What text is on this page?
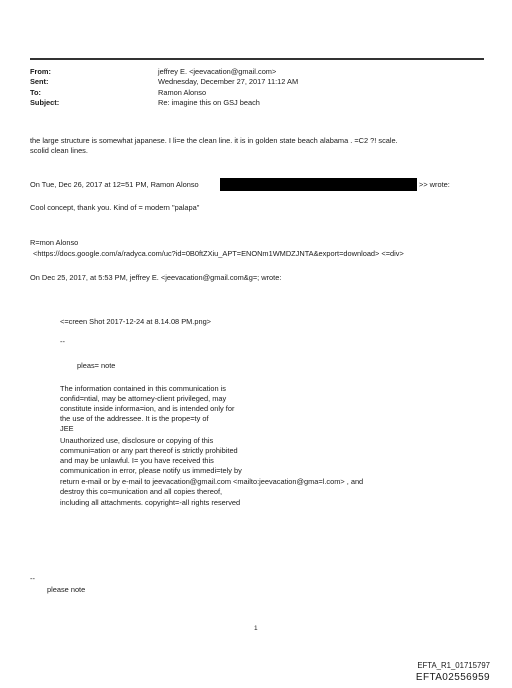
From:	jeffrey E. <jeevacation@gmail.com>
Sent:	Wednesday, December 27, 2017 11:12 AM
To:	Ramon Alonso
Subject:	Re: imagine this on GSJ beach
the large structure is somewhat japanese. I li=e the clean line. it is in golden state beach alabama . =C2 ?! scale.
scolid clean lines.
On Tue, Dec 26, 2017 at 12=51 PM, Ramon Alonso	>> wrote:
Cool concept, thank you. Kind of = modern "palapa"
R=mon Alonso
<https://docs.google.com/a/radyca.com/uc?id=0B0ftZXiu_APT=ENONm1WMDZJNTA&export=download> <=div>
On Dec 25, 2017, at 5:53 PM, jeffrey E. <jeevacation@gmail.com&g=; wrote:
<=creen Shot 2017-12-24 at 8.14.08 PM.png>
--
pleas= note
The information contained in this communication is
confid=ntial, may be attorney-client privileged, may
constitute inside informa=ion, and is intended only for
the use of the addressee. It is the prope=ty of
JEE
Unauthorized use, disclosure or copying of this
communi=ation or any part thereof is strictly prohibited
and may be unlawful. I= you have received this
communication in error, please notify us immedi=tely by
return e-mail or by e-mail to jeevacation@gmail.com <mailto:jeevacation@gma=l.com> , and
destroy this co=munication and all copies thereof,
including all attachments. copyright=-all rights reserved
--
please note
1
EFTA_R1_01715797
EFTA02556959
